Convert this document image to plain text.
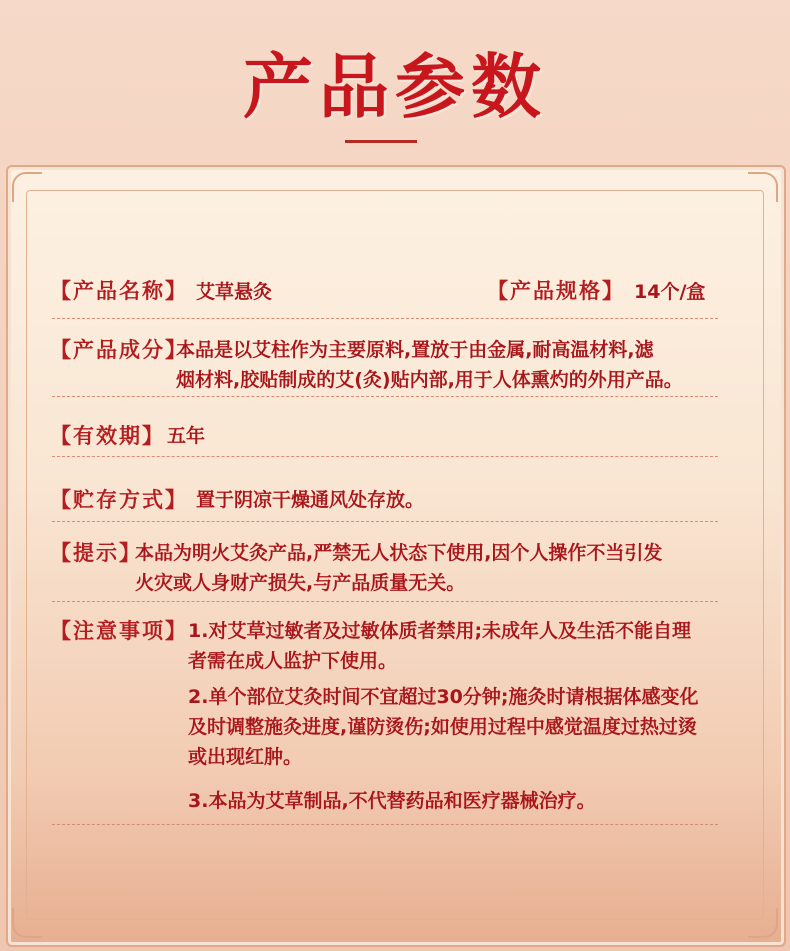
产品参数
【产品名称】 艾草悬灸	【产品规格】 14个/盒
【产品成分】
本品是以艾柱作为主要原料,置放于由金属,耐高温材料,滤
烟材料,胶贴制成的艾(灸)贴内部,用于人体熏灼的外用产品。
【有效期】 五年
【贮存方式】 置于阴凉干燥通风处存放。
【提示】
本品为明火艾灸产品,严禁无人状态下使用,因个人操作不当引发
火灾或人身财产损失,与产品质量无关。
【注意事项】 1.对艾草过敏者及过敏体质者禁用;未成年人及生活不能自理
者需在成人监护下使用。
2.单个部位艾灸时间不宜超过30分钟;施灸时请根据体感变化
及时调整施灸进度,谨防烫伤;如使用过程中感觉温度过热过烫
或出现红肿。
3.本品为艾草制品,不代替药品和医疗器械治疗。
